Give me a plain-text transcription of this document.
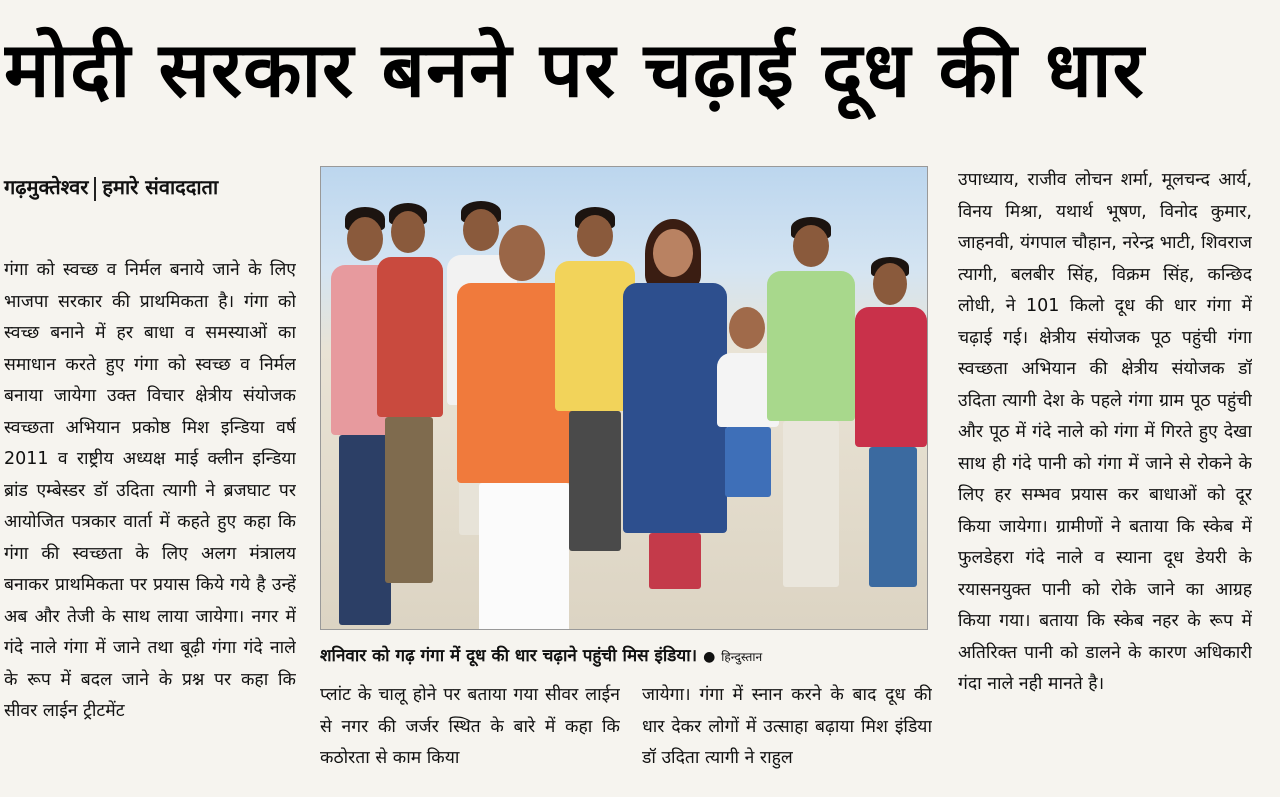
मोदी सरकार बनने पर चढ़ाई दूध की धार
गढ़मुक्तेश्वर हमारे संवाददाता

गंगा को स्वच्छ व निर्मल बनाये जाने के लिए भाजपा सरकार की प्राथमिकता है। गंगा को स्वच्छ बनाने में हर बाधा व समस्याओं का समाधान करते हुए गंगा को स्वच्छ व निर्मल बनाया जायेगा उक्त विचार क्षेत्रीय संयोजक स्वच्छता अभियान प्रकोष्ठ मिश इन्डिया वर्ष 2011 व राष्ट्रीय अध्यक्ष माई क्लीन इन्डिया ब्रांड एम्बेस्डर डॉ उदिता त्यागी ने ब्रजघाट पर आयोजित पत्रकार वार्ता में कहते हुए कहा कि गंगा की स्वच्छता के लिए अलग मंत्रालय बनाकर प्राथमिकता पर प्रयास किये गये है उन्हें अब और तेजी के साथ लाया जायेगा। नगर में गंदे नाले गंगा में जाने तथा बूढ़ी गंगा गंदे नाले के रूप में बदल जाने के प्रश्न पर कहा कि सीवर लाईन ट्रीटमेंट

शनिवार को गढ़ गंगा में दूध की धार चढ़ाने पहुंची मिस इंडिया। ● हिन्दुस्तान

प्लांट के चालू होने पर बताया गया सीवर लाईन से नगर की जर्जर स्थित के बारे में कहा कि कठोरता से काम किया

जायेगा। गंगा में स्नान करने के बाद दूध की धार देकर लोगों में उत्साहा बढ़ाया मिश इंडिया डॉ उदिता त्यागी ने राहुल

उपाध्याय, राजीव लोचन शर्मा, मूलचन्द आर्य, विनय मिश्रा, यथार्थ भूषण, विनोद कुमार, जाहनवी, यंगपाल चौहान, नरेन्द्र भाटी, शिवराज त्यागी, बलबीर सिंह, विक्रम सिंह, कन्छिद लोधी, ने 101 किलो दूध की धार गंगा में चढ़ाई गई। क्षेत्रीय संयोजक पूठ पहुंची गंगा स्वच्छता अभियान की क्षेत्रीय संयोजक डॉ उदिता त्यागी देश के पहले गंगा ग्राम पूठ पहुंची और पूठ में गंदे नाले को गंगा में गिरते हुए देखा साथ ही गंदे पानी को गंगा में जाने से रोकने के लिए हर सम्भव प्रयास कर बाधाओं को दूर किया जायेगा। ग्रामीणों ने बताया कि स्केब में फुलडेहरा गंदे नाले व स्याना दूध डेयरी के रयासनयुक्त पानी को रोके जाने का आग्रह किया गया। बताया कि स्केब नहर के रूप में अतिरिक्त पानी को डालने के कारण अधिकारी गंदा नाले नही मानते है।
